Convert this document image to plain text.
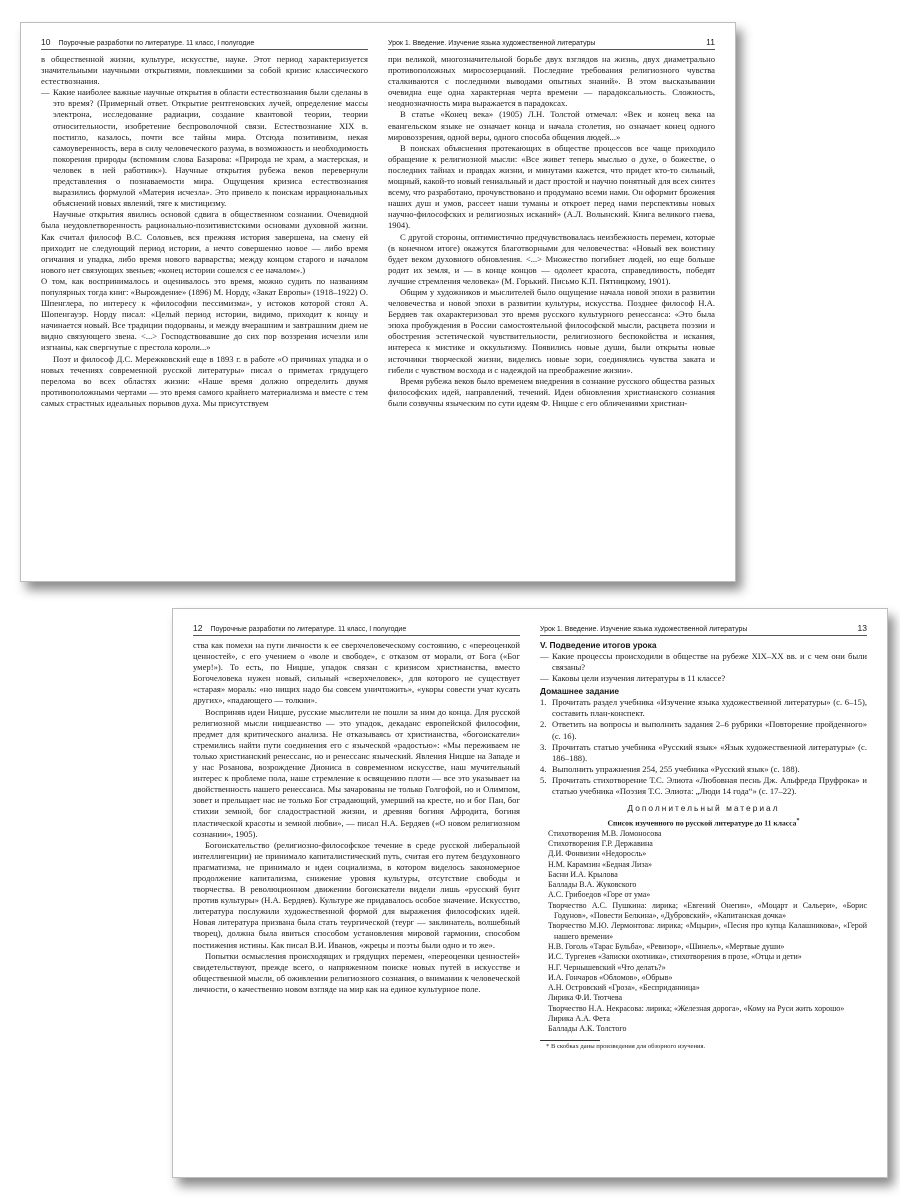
10	Поурочные разработки по литературе. 11 класс, I полугодие

в общественной жизни, культуре, искусстве, науке. Этот период характеризуется значительными научными открытиями, повлекшими за собой кризис классического естествознания.

— Какие наиболее важные научные открытия в области естествознания были сделаны в это время? (Примерный ответ. Открытие рентгеновских лучей, определение массы электрона, исследование радиации, создание квантовой теории, теории относительности, изобретение беспроволочной связи. Естествознание XIX в. постигло, казалось, почти все тайны мира. Отсюда позитивизм, некая самоуверенность, вера в силу человеческого разума, в возможность и необходимость покорения природы (вспомним слова Базарова: «Природа не храм, а мастерская, и человек в ней работник»). Научные открытия рубежа веков перевернули представления о познаваемости мира. Ощущения кризиса естествознания выразились формулой «Материя исчезла». Это привело к поискам иррациональных объяснений новых явлений, тяге к мистицизму.

Научные открытия явились основой сдвига в общественном сознании. Очевидной была неудовлетворенность рационально-позитивистскими основами духовной жизни. Как считал философ В.С. Соловьев, вся прежняя история завершена, на смену ей приходит не следующий период истории, а нечто совершенно новое — либо время огичания и упадка, либо время нового варварства; между концом старого и началом нового нет связующих звеньев; «конец истории сошелся с ее началом».)

О том, как воспринималось и оценивалось это время, можно судить по названиям популярных тогда книг: «Вырождение» (1896) М. Норду, «Закат Европы» (1918–1922) О. Шпенглера, по интересу к «философии пессимизма», у истоков которой стоял А. Шопенгауэр. Норду писал: «Целый период истории, видимо, приходит к концу и начинается новый. Все традиции подорваны, и между вчерашним и завтрашним днем не видно связующего звена. <...> Господствовавшие до сих пор воззрения исчезли или изгнаны, как свергнутые с престола короли...»

Поэт и философ Д.С. Мережковский еще в 1893 г. в работе «О причинах упадка и о новых течениях современной русской литературы» писал о приметах грядущего перелома во всех областях жизни: «Наше время должно определить двумя противоположными чертами — это время самого крайнего материализма и вместе с тем самых страстных идеальных порывов духа. Мы присутствуем

Урок 1. Введение. Изучение языка художественной литературы	11

при великой, многозначительной борьбе двух взглядов на жизнь, двух диаметрально противоположных миросозерцаний. Последние требования религиозного чувства сталкиваются с последними выводами опытных знаний». В этом высказывании очевидна еще одна характерная черта времени — парадоксальность. Сложность, неоднозначность мира выражается в парадоксах.

В статье «Конец века» (1905) Л.Н. Толстой отмечал: «Век и конец века на евангельском языке не означает конца и начала столетия, но означает конец одного мировоззрения, одной веры, одного способа общения людей...»

В поисках объяснения протекающих в обществе процессов все чаще приходило обращение к религиозной мысли: «Все живет теперь мыслью о духе, о божестве, о последних тайнах и правдах жизни, и минутами кажется, что придет кто-то сильный, мощный, какой-то новый гениальный и даст простой и научно понятный для всех синтез всему, что разработано, прочувствовано и продумано всеми нами. Он оформит брожения наших душ и умов, рассеет наши туманы и откроет перед нами перспективы новых научно-философских и религиозных исканий» (А.Л. Волынский. Книга великого гнева, 1904).

С другой стороны, оптимистично предчувствовалась неизбежность перемен, которые (в конечном итоге) окажутся благотворными для человечества: «Новый век воистину будет веком духовного обновления. <...> Множество погибнет людей, но еще больше родит их земля, и — в конце концов — одолеет красота, справедливость, победят лучшие стремления человека» (М. Горький. Письмо К.П. Пятницкому, 1901).

Общим у художников и мыслителей было ощущение начала новой эпохи в развитии человечества и новой эпохи в развитии культуры, искусства. Позднее философ Н.А. Бердяев так охарактеризовал это время русского культурного ренессанса: «Это была эпоха пробуждения в России самостоятельной философской мысли, расцвета поэзии и обострения эстетической чувствительности, религиозного беспокойства и искания, интереса к мистике и оккультизму. Появились новые души, были открыты новые источники творческой жизни, виделись новые зори, соединялись чувства заката и гибели с чувством восхода и с надеждой на преображение жизни».

Время рубежа веков было временем внедрения в сознание русского общества разных философских идей, направлений, течений. Идеи обновления христианского сознания были созвучны языческим по сути идеям Ф. Ницше с его обличениями христиан-

12	Поурочные разработки по литературе. 11 класс, I полугодие

ства как помехи на пути личности к ее сверхчеловеческому состоянию, с «переоценкой ценностей», с его учением о «воле и свободе», с отказом от морали, от Бога («Бог умер!»). То есть, по Ницше, упадок связан с кризисом христианства, вместо Богочеловека нужен новый, сильный «сверхчеловек», для которого не существует «старая» мораль: «но нищих надо бы совсем уничтожить», «укоры совести учат кусать других», «падающего — толкни».

Восприняв идеи Ницше, русские мыслители не пошли за ним до конца. Для русской религиозной мысли ницшеанство — это упадок, декаданс европейской философии, предмет для критического анализа. Не отказываясь от христианства, «богоискатели» стремились найти пути соединения его с языческой «радостью»: «Мы переживаем не только христианский ренессанс, но и ренессанс языческий. Явления Ницше на Западе и у нас Розанова, возрождение Диониса в современном искусстве, наш мучительный интерес к проблеме пола, наше стремление к освящению плоти — все это указывает на двойственность нашего ренессанса. Мы зачарованы не только Голгофой, но и Олимпом, зовет и прельщает нас не только Бог страдающий, умерший на кресте, но и бог Пан, бог стихии земной, бог сладострастной жизни, и древняя богиня Афродита, богиня пластической красоты и земной любви», — писал Н.А. Бердяев («О новом религиозном сознании», 1905).

Богоискательство (религиозно-философское течение в среде русской либеральной интеллигенции) не принимало капиталистический путь, считая его путем бездуховного прагматизма, не принимало и идеи социализма, в котором виделось закономерное продолжение капитализма, снижение уровня культуры, отсутствие свободы и творчества. В революционном движении богоискатели видели лишь «русский бунт против культуры» (Н.А. Бердяев). Культуре же придавалось особое значение. Искусство, литература послужили художественной формой для выражения философских идей. Новая литература призвана была стать теургической (теург — заклинатель, волшебный творец), должна была явиться способом установления мировой гармонии, способом постижения истины. Как писал В.И. Иванов, «жрецы и поэты были одно и то же».

Попытки осмысления происходящих и грядущих перемен, «переоценки ценностей» свидетельствуют, прежде всего, о напряженном поиске новых путей в искусстве и общественной мысли, об оживлении религиозного сознания, о внимании к человеческой личности, о качественно новом взгляде на мир как на единое культурное поле.

Урок 1. Введение. Изучение языка художественной литературы	13
V. Подведение итогов урока

— Какие процессы происходили в обществе на рубеже XIX–XX вв. и с чем они были связаны?

— Каковы цели изучения литературы в 11 классе?

Домашнее задание
1. Прочитать раздел учебника «Изучение языка художественной литературы» (с. 6–15), составить план-конспект.
2. Ответить на вопросы и выполнить задания 2–6 рубрики «Повторение пройденного» (с. 16).
3. Прочитать статью учебника «Русский язык» «Язык художественной литературы» (с. 186–188).
4. Выполнить упражнения 254, 255 учебника «Русский язык» (с. 188).
5. Прочитать стихотворение Т.С. Элиота «Любовная песнь Дж. Альфреда Пруфрока» и статью учебника «Поэзия Т.С. Элиота: „Люди 14 года“» (с. 17–22).
Дополнительный материал
Список изученного по русской литературе до 11 класса*
Стихотворения М.В. Ломоносова
Стихотворения Г.Р. Державина
Д.И. Фонвизин «Недоросль»
Н.М. Карамзин «Бедная Лиза»
Басни И.А. Крылова
Баллады В.А. Жуковского
А.С. Грибоедов «Горе от ума»
Творчество А.С. Пушкина: лирика; «Евгений Онегин», «Моцарт и Сальери», «Борис Годунов», «Повести Белкина», «Дубровский», «Капитанская дочка»
Творчество М.Ю. Лермонтова: лирика; «Мцыри», «Песня про купца Калашникова», «Герой нашего времени»
Н.В. Гоголь «Тарас Бульба», «Ревизор», «Шинель», «Мертвые души»
И.С. Тургенев «Записки охотника», стихотворения в прозе, «Отцы и дети»
Н.Г. Чернышевский «Что делать?»
И.А. Гончаров «Обломов», «Обрыв»
А.Н. Островский «Гроза», «Бесприданница»
Лирика Ф.И. Тютчева
Творчество Н.А. Некрасова: лирика; «Железная дорога», «Кому на Руси жить хорошо»
Лирика А.А. Фета
Баллады А.К. Толстого
* В скобках даны произведения для обзорного изучения.
